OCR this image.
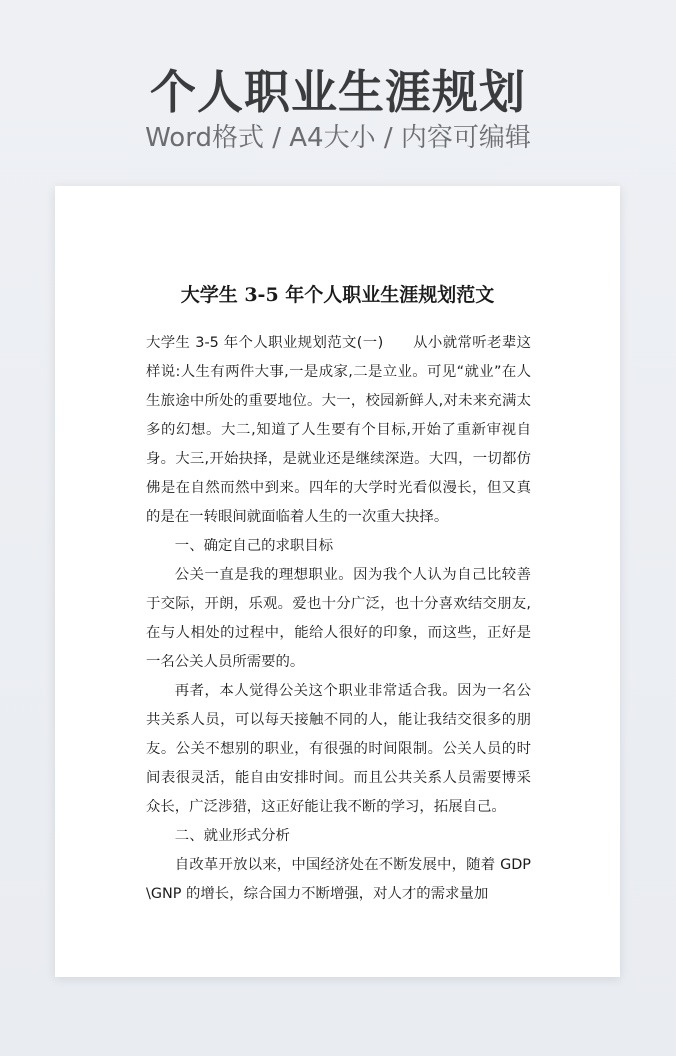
个人职业生涯规划
Word格式 / A4大小 / 内容可编辑
大学生 3-5 年个人职业生涯规划范文

大学生 3-5 年个人职业规划范文(一)　　从小就常听老辈这样说:人生有两件大事,一是成家,二是立业。可见“就业”在人生旅途中所处的重要地位。大一，校园新鲜人,对未来充满太多的幻想。大二,知道了人生要有个目标,开始了重新审视自身。大三,开始抉择，是就业还是继续深造。大四，一切都仿佛是在自然而然中到来。四年的大学时光看似漫长，但又真的是在一转眼间就面临着人生的一次重大抉择。

一、确定自己的求职目标

公关一直是我的理想职业。因为我个人认为自己比较善于交际，开朗，乐观。爱也十分广泛，也十分喜欢结交朋友,在与人相处的过程中，能给人很好的印象，而这些，正好是一名公关人员所需要的。

再者，本人觉得公关这个职业非常适合我。因为一名公共关系人员，可以每天接触不同的人，能让我结交很多的朋友。公关不想别的职业，有很强的时间限制。公关人员的时间表很灵活，能自由安排时间。而且公共关系人员需要博采众长，广泛涉猎，这正好能让我不断的学习，拓展自己。

二、就业形式分析

自改革开放以来，中国经济处在不断发展中，随着 GDP\GNP 的增长，综合国力不断增强，对人才的需求量加
